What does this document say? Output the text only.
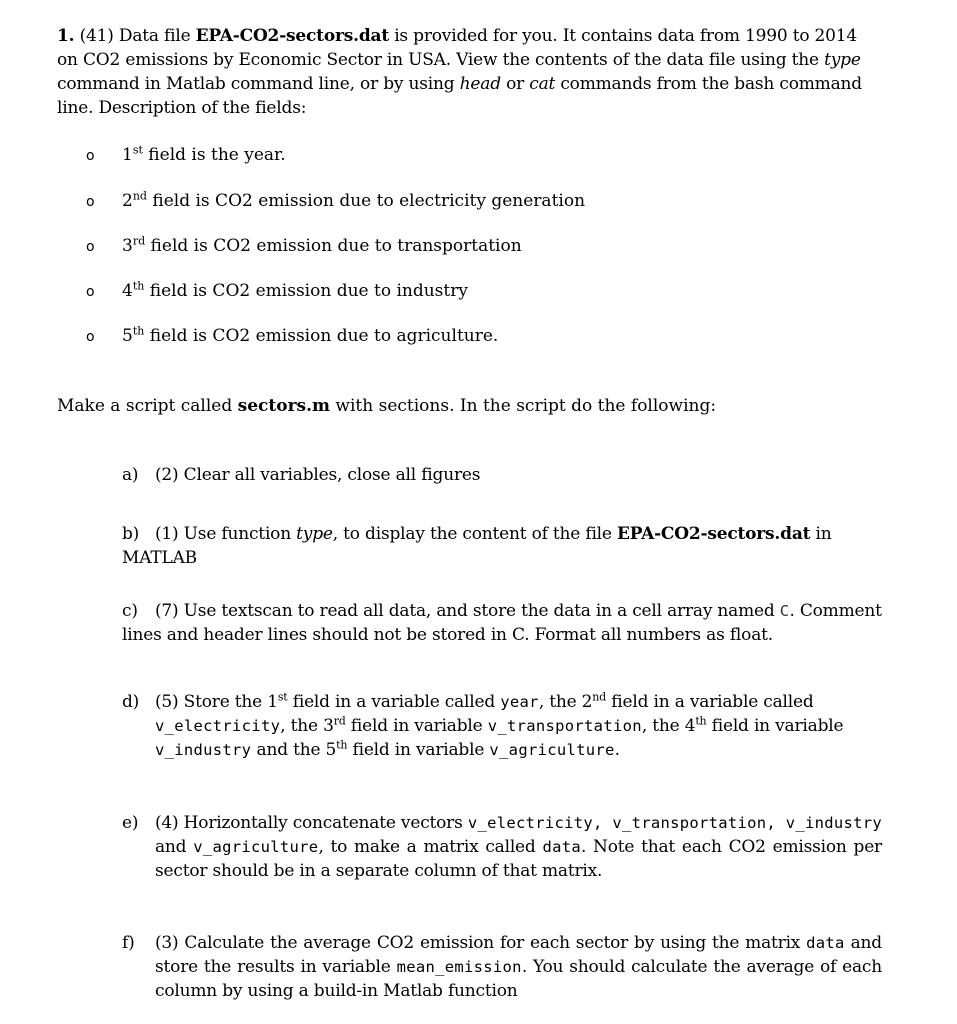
1. (41) Data file EPA-CO2-sectors.dat is provided for you. It contains data from 1990 to 2014 on CO2 emissions by Economic Sector in USA. View the contents of the data file using the type command in Matlab command line, or by using head or cat commands from the bash command line. Description of the fields:

o 1st field is the year.
o 2nd field is CO2 emission due to electricity generation
o 3rd field is CO2 emission due to transportation
o 4th field is CO2 emission due to industry
o 5th field is CO2 emission due to agriculture.

Make a script called sectors.m with sections. In the script do the following:

a) (2) Clear all variables, close all figures
b) (1) Use function type, to display the content of the file EPA-CO2-sectors.dat in MATLAB
c) (7) Use textscan to read all data, and store the data in a cell array named C. Comment lines and header lines should not be stored in C. Format all numbers as float.
d) (5) Store the 1st field in a variable called year, the 2nd field in a variable called v_electricity, the 3rd field in variable v_transportation, the 4th field in variable v_industry and the 5th field in variable v_agriculture.
e) (4) Horizontally concatenate vectors v_electricity, v_transportation, v_industry and v_agriculture, to make a matrix called data. Note that each CO2 emission per sector should be in a separate column of that matrix.
f) (3) Calculate the average CO2 emission for each sector by using the matrix data and store the results in variable mean_emission. You should calculate the average of each column by using a build-in Matlab function
